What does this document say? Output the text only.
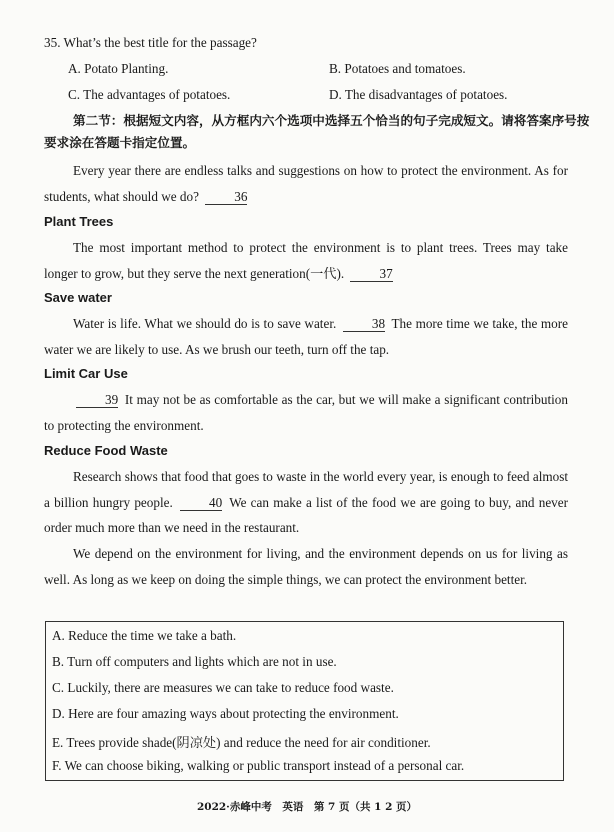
35. What’s the best title for the passage?
A. Potato Planting.	B. Potatoes and tomatoes.
C. The advantages of potatoes.	D. The disadvantages of potatoes.
第二节：根据短文内容，从方框内六个选项中选择五个恰当的句子完成短文。请将答案序号按要求涂在答题卡指定位置。
Every year there are endless talks and suggestions on how to protect the environment. As for students, what should we do?	36
Plant Trees
The most important method to protect the environment is to plant trees. Trees may take longer to grow, but they serve the next generation(一代).	37
Save water
Water is life. What we should do is to save water.	38 The more time we take, the more water we are likely to use. As we brush our teeth, turn off the tap.
Limit Car Use
39 It may not be as comfortable as the car, but we will make a significant contribution to protecting the environment.
Reduce Food Waste
Research shows that food that goes to waste in the world every year, is enough to feed almost a billion hungry people.	40 We can make a list of the food we are going to buy, and never order much more than we need in the restaurant.
We depend on the environment for living, and the environment depends on us for living as well. As long as we keep on doing the simple things, we can protect the environment better.
A. Reduce the time we take a bath.
B. Turn off computers and lights which are not in use.
C. Luckily, there are measures we can take to reduce food waste.
D. Here are four amazing ways about protecting the environment.
E. Trees provide shade(阴凉处) and reduce the need for air conditioner.
F. We can choose biking, walking or public transport instead of a personal car.
2022·赤峰中考　英语　第 7 页（共 1 2 页）
